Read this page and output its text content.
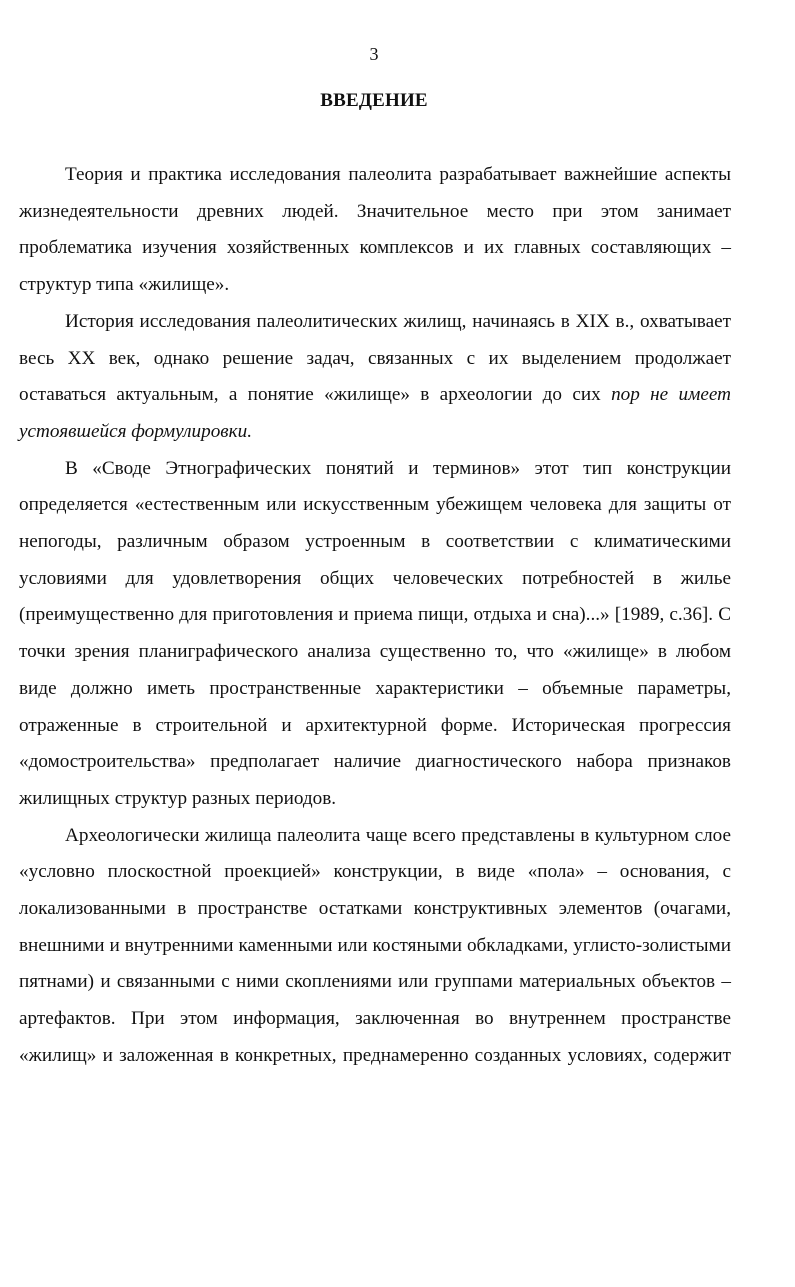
3
ВВЕДЕНИЕ

Теория и практика исследования палеолита разрабатывает важнейшие аспекты жизнедеятельности древних людей. Значительное место при этом занимает проблематика изучения хозяйственных комплексов и их главных составляющих – структур типа «жилище».

История исследования палеолитических жилищ, начинаясь в XIX в., охватывает весь XX век, однако решение задач, связанных с их выделением продолжает оставаться актуальным, а понятие «жилище» в археологии до сих пор не имеет устоявшейся формулировки.

В «Своде Этнографических понятий и терминов» этот тип конструкции определяется «естественным или искусственным убежищем человека для защиты от непогоды, различным образом устроенным в соответствии с климатическими условиями для удовлетворения общих человеческих потребностей в жилье (преимущественно для приготовления и приема пищи, отдыха и сна)...» [1989, с.36]. С точки зрения планиграфического анализа существенно то, что «жилище» в любом виде должно иметь пространственные характеристики – объемные параметры, отраженные в строительной и архитектурной форме. Историческая прогрессия «домостроительства» предполагает наличие диагностического набора признаков жилищных структур разных периодов.

Археологически жилища палеолита чаще всего представлены в культурном слое «условно плоскостной проекцией» конструкции, в виде «пола» – основания, с локализованными в пространстве остатками конструктивных элементов (очагами, внешними и внутренними каменными или костяными обкладками, углисто-золистыми пятнами) и связанными с ними скоплениями или группами материальных объектов – артефактов. При этом информация, заключенная во внутреннем пространстве «жилищ» и заложенная в конкретных, преднамеренно созданных условиях, содержит
